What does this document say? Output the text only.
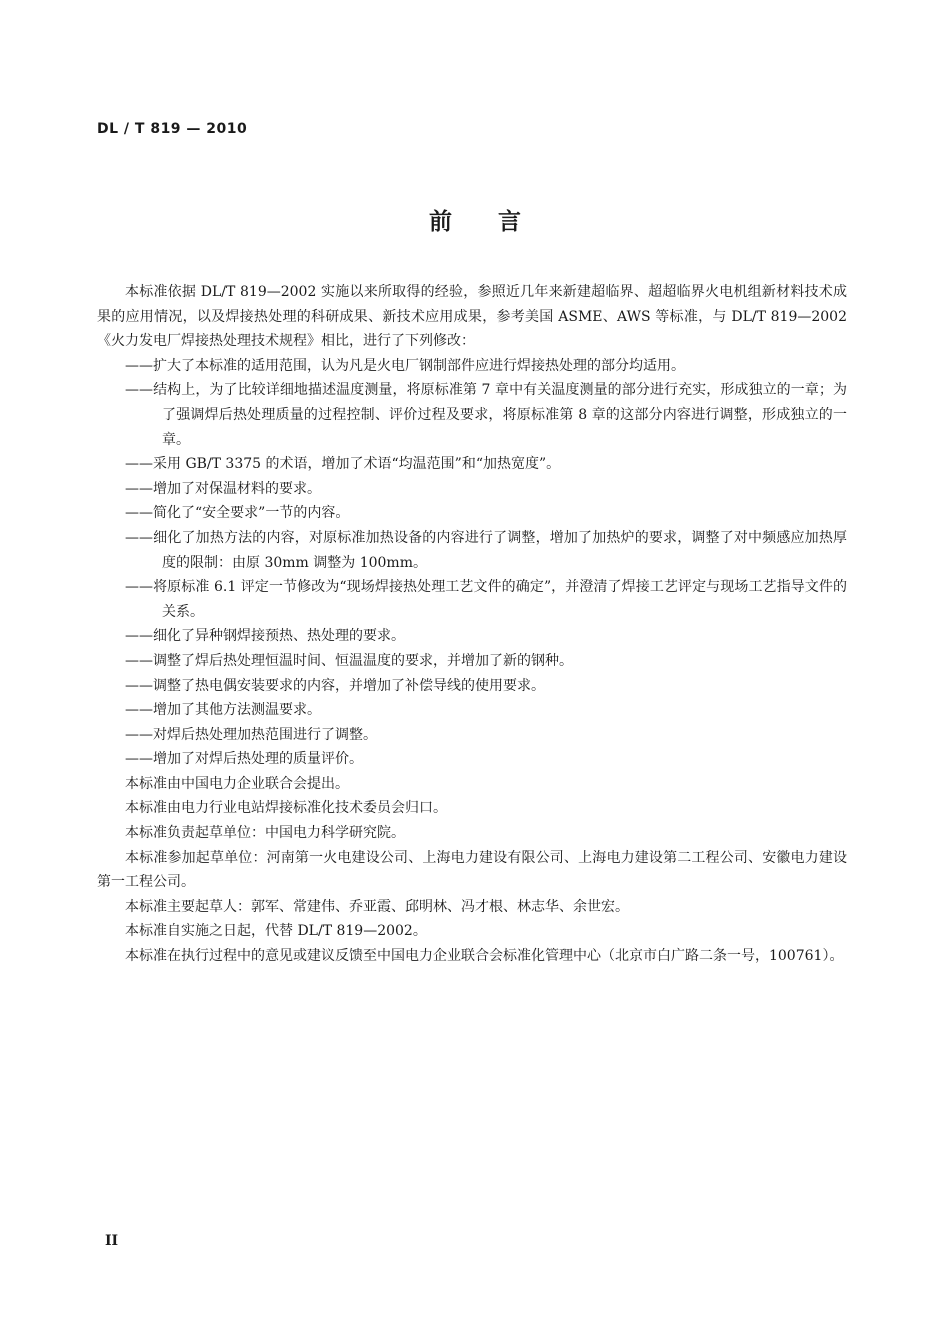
DL / T 819 — 2010
前言

本标准依据 DL/T 819—2002 实施以来所取得的经验，参照近几年来新建超临界、超超临界火电机组新材料技术成果的应用情况，以及焊接热处理的科研成果、新技术应用成果，参考美国 ASME、AWS 等标准，与 DL/T 819—2002《火力发电厂焊接热处理技术规程》相比，进行了下列修改：

——扩大了本标准的适用范围，认为凡是火电厂钢制部件应进行焊接热处理的部分均适用。

——结构上，为了比较详细地描述温度测量，将原标准第 7 章中有关温度测量的部分进行充实，形成独立的一章；为了强调焊后热处理质量的过程控制、评价过程及要求，将原标准第 8 章的这部分内容进行调整，形成独立的一章。

——采用 GB/T 3375 的术语，增加了术语“均温范围”和“加热宽度”。

——增加了对保温材料的要求。

——简化了“安全要求”一节的内容。

——细化了加热方法的内容，对原标准加热设备的内容进行了调整，增加了加热炉的要求，调整了对中频感应加热厚度的限制：由原 30mm 调整为 100mm。

——将原标准 6.1 评定一节修改为“现场焊接热处理工艺文件的确定”，并澄清了焊接工艺评定与现场工艺指导文件的关系。

——细化了异种钢焊接预热、热处理的要求。

——调整了焊后热处理恒温时间、恒温温度的要求，并增加了新的钢种。

——调整了热电偶安装要求的内容，并增加了补偿导线的使用要求。

——增加了其他方法测温要求。

——对焊后热处理加热范围进行了调整。

——增加了对焊后热处理的质量评价。

本标准由中国电力企业联合会提出。

本标准由电力行业电站焊接标准化技术委员会归口。

本标准负责起草单位：中国电力科学研究院。

本标准参加起草单位：河南第一火电建设公司、上海电力建设有限公司、上海电力建设第二工程公司、安徽电力建设第一工程公司。

本标准主要起草人：郭军、常建伟、乔亚霞、邱明林、冯才根、林志华、余世宏。

本标准自实施之日起，代替 DL/T 819—2002。

本标准在执行过程中的意见或建议反馈至中国电力企业联合会标准化管理中心（北京市白广路二条一号，100761）。

II
